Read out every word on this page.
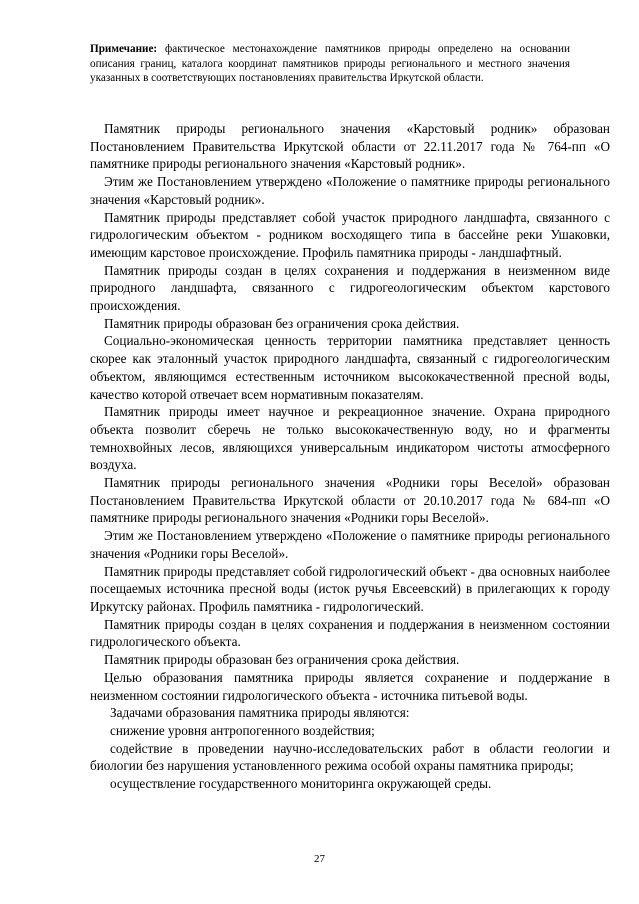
Примечание: фактическое местонахождение памятников природы определено на основании описания границ, каталога координат памятников природы регионального и местного значения указанных в соответствующих постановлениях правительства Иркутской области.

Памятник природы регионального значения «Карстовый родник» образован Постановлением Правительства Иркутской области от 22.11.2017 года № 764-пп «О памятнике природы регионального значения «Карстовый родник».

Этим же Постановлением утверждено «Положение о памятнике природы регионального значения «Карстовый родник».

Памятник природы представляет собой участок природного ландшафта, связанного с гидрологическим объектом - родником восходящего типа в бассейне реки Ушаковки, имеющим карстовое происхождение. Профиль памятника природы - ландшафтный.

Памятник природы создан в целях сохранения и поддержания в неизменном виде природного ландшафта, связанного с гидрогеологическим объектом карстового происхождения.

Памятник природы образован без ограничения срока действия.

Социально-экономическая ценность территории памятника представляет ценность скорее как эталонный участок природного ландшафта, связанный с гидрогеологическим объектом, являющимся естественным источником высококачественной пресной воды, качество которой отвечает всем нормативным показателям.

Памятник природы имеет научное и рекреационное значение. Охрана природного объекта позволит сберечь не только высококачественную воду, но и фрагменты темнохвойных лесов, являющихся универсальным индикатором чистоты атмосферного воздуха.

Памятник природы регионального значения «Родники горы Веселой» образован Постановлением Правительства Иркутской области от 20.10.2017 года № 684-пп «О памятнике природы регионального значения «Родники горы Веселой».

Этим же Постановлением утверждено «Положение о памятнике природы регионального значения «Родники горы Веселой».

Памятник природы представляет собой гидрологический объект - два основных наиболее посещаемых источника пресной воды (исток ручья Евсеевский) в прилегающих к городу Иркутску районах. Профиль памятника - гидрологический.

Памятник природы создан в целях сохранения и поддержания в неизменном состоянии гидрологического объекта.

Памятник природы образован без ограничения срока действия.

Целью образования памятника природы является сохранение и поддержание в неизменном состоянии гидрологического объекта - источника питьевой воды.

Задачами образования памятника природы являются:

снижение уровня антропогенного воздействия;

содействие в проведении научно-исследовательских работ в области геологии и биологии без нарушения установленного режима особой охраны памятника природы;

осуществление государственного мониторинга окружающей среды.

27
